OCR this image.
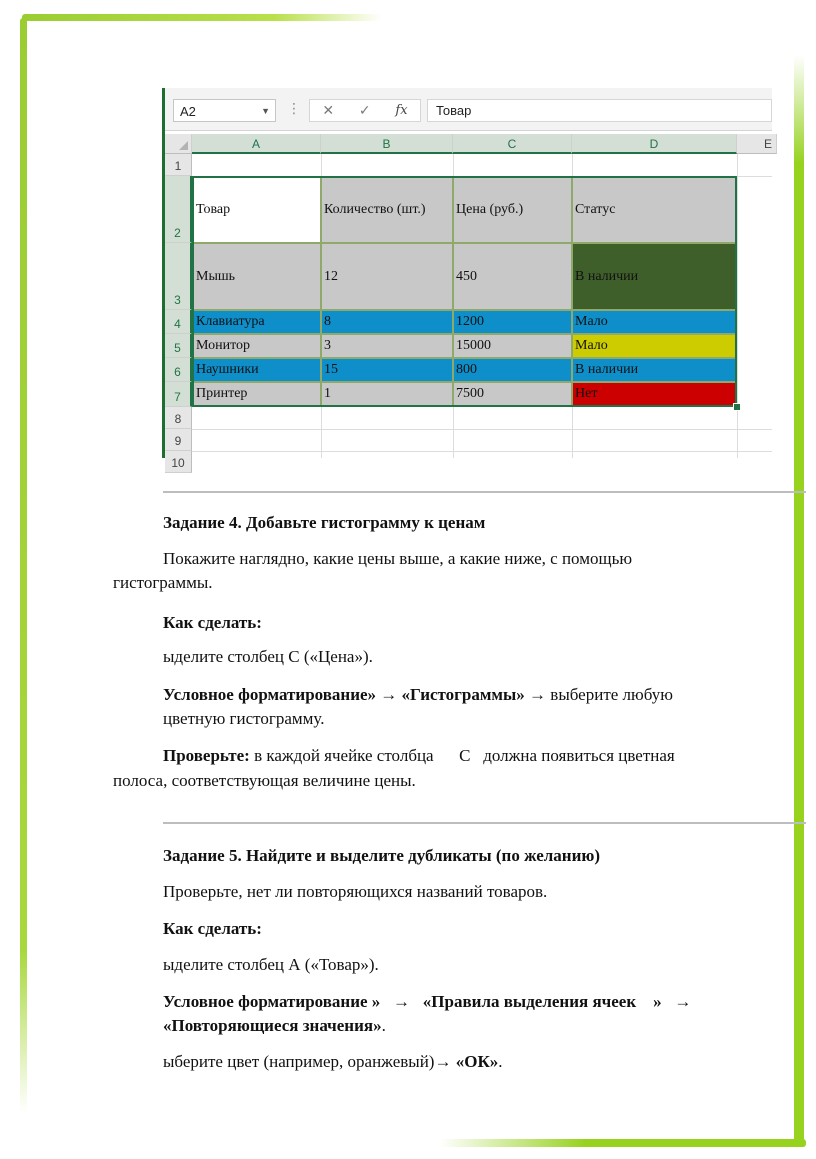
A2	▼ ⋮ ✕ ✓ fx	Товар
A	B	C	D	E
1
2
3
4
5
6
7
8
9
10
Товар	Количество (шт.)	Цена (руб.)	Статус
Мышь	12	450	В наличии
Клавиатура	8	1200	Мало
Монитор	3	15000	Мало
Наушники	15	800	В наличии
Принтер	1	7500	Нет
Задание 4. Добавьте гистограмму к ценам
Покажите наглядно, какие цены выше, а какие ниже, с помощью
гистограммы.
Как сделать:
ыделите столбец С («Цена»).
Условное форматирование» → «Гистограммы» → выберите любую
цветную гистограмму.
Проверьте: в каждой ячейке столбца      С   должна появиться цветная
полоса, соответствующая величине цены.
Задание 5. Найдите и выделите дубликаты (по желанию)
Проверьте, нет ли повторяющихся названий товаров.
Как сделать:
ыделите столбец А («Товар»).
Условное форматирование »   →   «Правила выделения ячеек    »   →
«Повторяющиеся значения».
ыберите цвет (например, оранжевый)→ «ОК».
